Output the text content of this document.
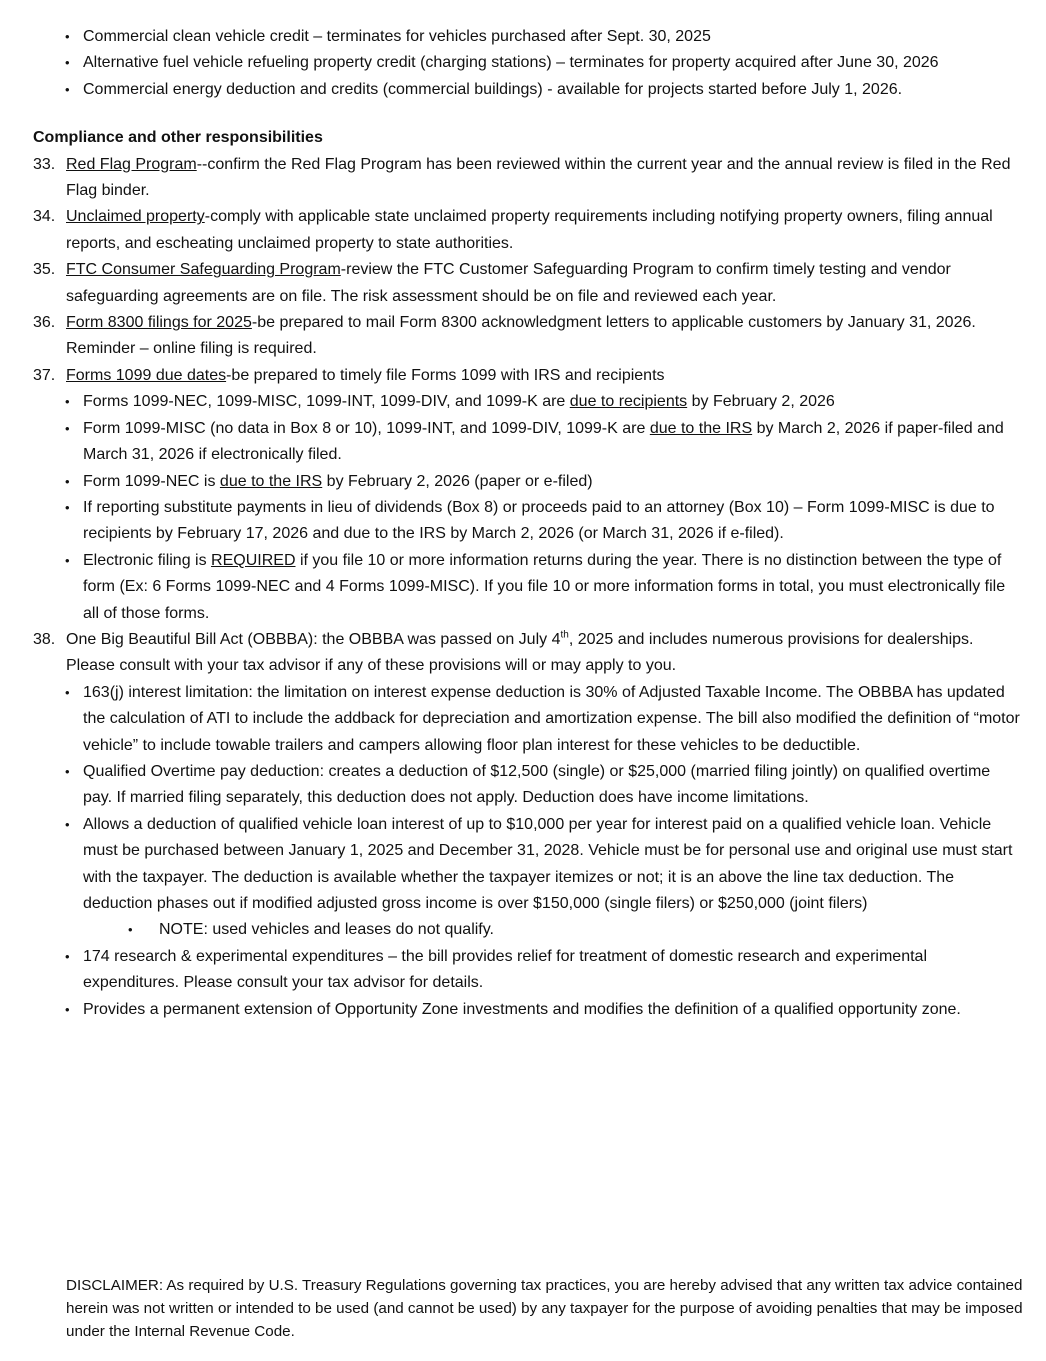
• Commercial clean vehicle credit – terminates for vehicles purchased after Sept. 30, 2025
• Alternative fuel vehicle refueling property credit (charging stations) – terminates for property acquired after June 30, 2026
• Commercial energy deduction and credits (commercial buildings) - available for projects started before July 1, 2026.
Compliance and other responsibilities
33. Red Flag Program--confirm the Red Flag Program has been reviewed within the current year and the annual review is filed in the Red Flag binder.
34. Unclaimed property-comply with applicable state unclaimed property requirements including notifying property owners, filing annual reports, and escheating unclaimed property to state authorities.
35. FTC Consumer Safeguarding Program-review the FTC Customer Safeguarding Program to confirm timely testing and vendor safeguarding agreements are on file. The risk assessment should be on file and reviewed each year.
36. Form 8300 filings for 2025-be prepared to mail Form 8300 acknowledgment letters to applicable customers by January 31, 2026. Reminder – online filing is required.
37. Forms 1099 due dates-be prepared to timely file Forms 1099 with IRS and recipients
• Forms 1099-NEC, 1099-MISC, 1099-INT, 1099-DIV, and 1099-K are due to recipients by February 2, 2026
• Form 1099-MISC (no data in Box 8 or 10), 1099-INT, and 1099-DIV, 1099-K are due to the IRS by March 2, 2026 if paper-filed and March 31, 2026 if electronically filed.
• Form 1099-NEC is due to the IRS by February 2, 2026 (paper or e-filed)
• If reporting substitute payments in lieu of dividends (Box 8) or proceeds paid to an attorney (Box 10) – Form 1099-MISC is due to recipients by February 17, 2026 and due to the IRS by March 2, 2026 (or March 31, 2026 if e-filed).
• Electronic filing is REQUIRED if you file 10 or more information returns during the year. There is no distinction between the type of form (Ex: 6 Forms 1099-NEC and 4 Forms 1099-MISC). If you file 10 or more information forms in total, you must electronically file all of those forms.
38. One Big Beautiful Bill Act (OBBBA): the OBBBA was passed on July 4th, 2025 and includes numerous provisions for dealerships. Please consult with your tax advisor if any of these provisions will or may apply to you.
• 163(j) interest limitation: the limitation on interest expense deduction is 30% of Adjusted Taxable Income. The OBBBA has updated the calculation of ATI to include the addback for depreciation and amortization expense. The bill also modified the definition of “motor vehicle” to include towable trailers and campers allowing floor plan interest for these vehicles to be deductible.
• Qualified Overtime pay deduction: creates a deduction of $12,500 (single) or $25,000 (married filing jointly) on qualified overtime pay. If married filing separately, this deduction does not apply. Deduction does have income limitations.
• Allows a deduction of qualified vehicle loan interest of up to $10,000 per year for interest paid on a qualified vehicle loan. Vehicle must be purchased between January 1, 2025 and December 31, 2028. Vehicle must be for personal use and original use must start with the taxpayer. The deduction is available whether the taxpayer itemizes or not; it is an above the line tax deduction. The deduction phases out if modified adjusted gross income is over $150,000 (single filers) or $250,000 (joint filers)
• NOTE: used vehicles and leases do not qualify.
• 174 research & experimental expenditures – the bill provides relief for treatment of domestic research and experimental expenditures. Please consult your tax advisor for details.
• Provides a permanent extension of Opportunity Zone investments and modifies the definition of a qualified opportunity zone.
DISCLAIMER: As required by U.S. Treasury Regulations governing tax practices, you are hereby advised that any written tax advice contained herein was not written or intended to be used (and cannot be used) by any taxpayer for the purpose of avoiding penalties that may be imposed under the Internal Revenue Code.
